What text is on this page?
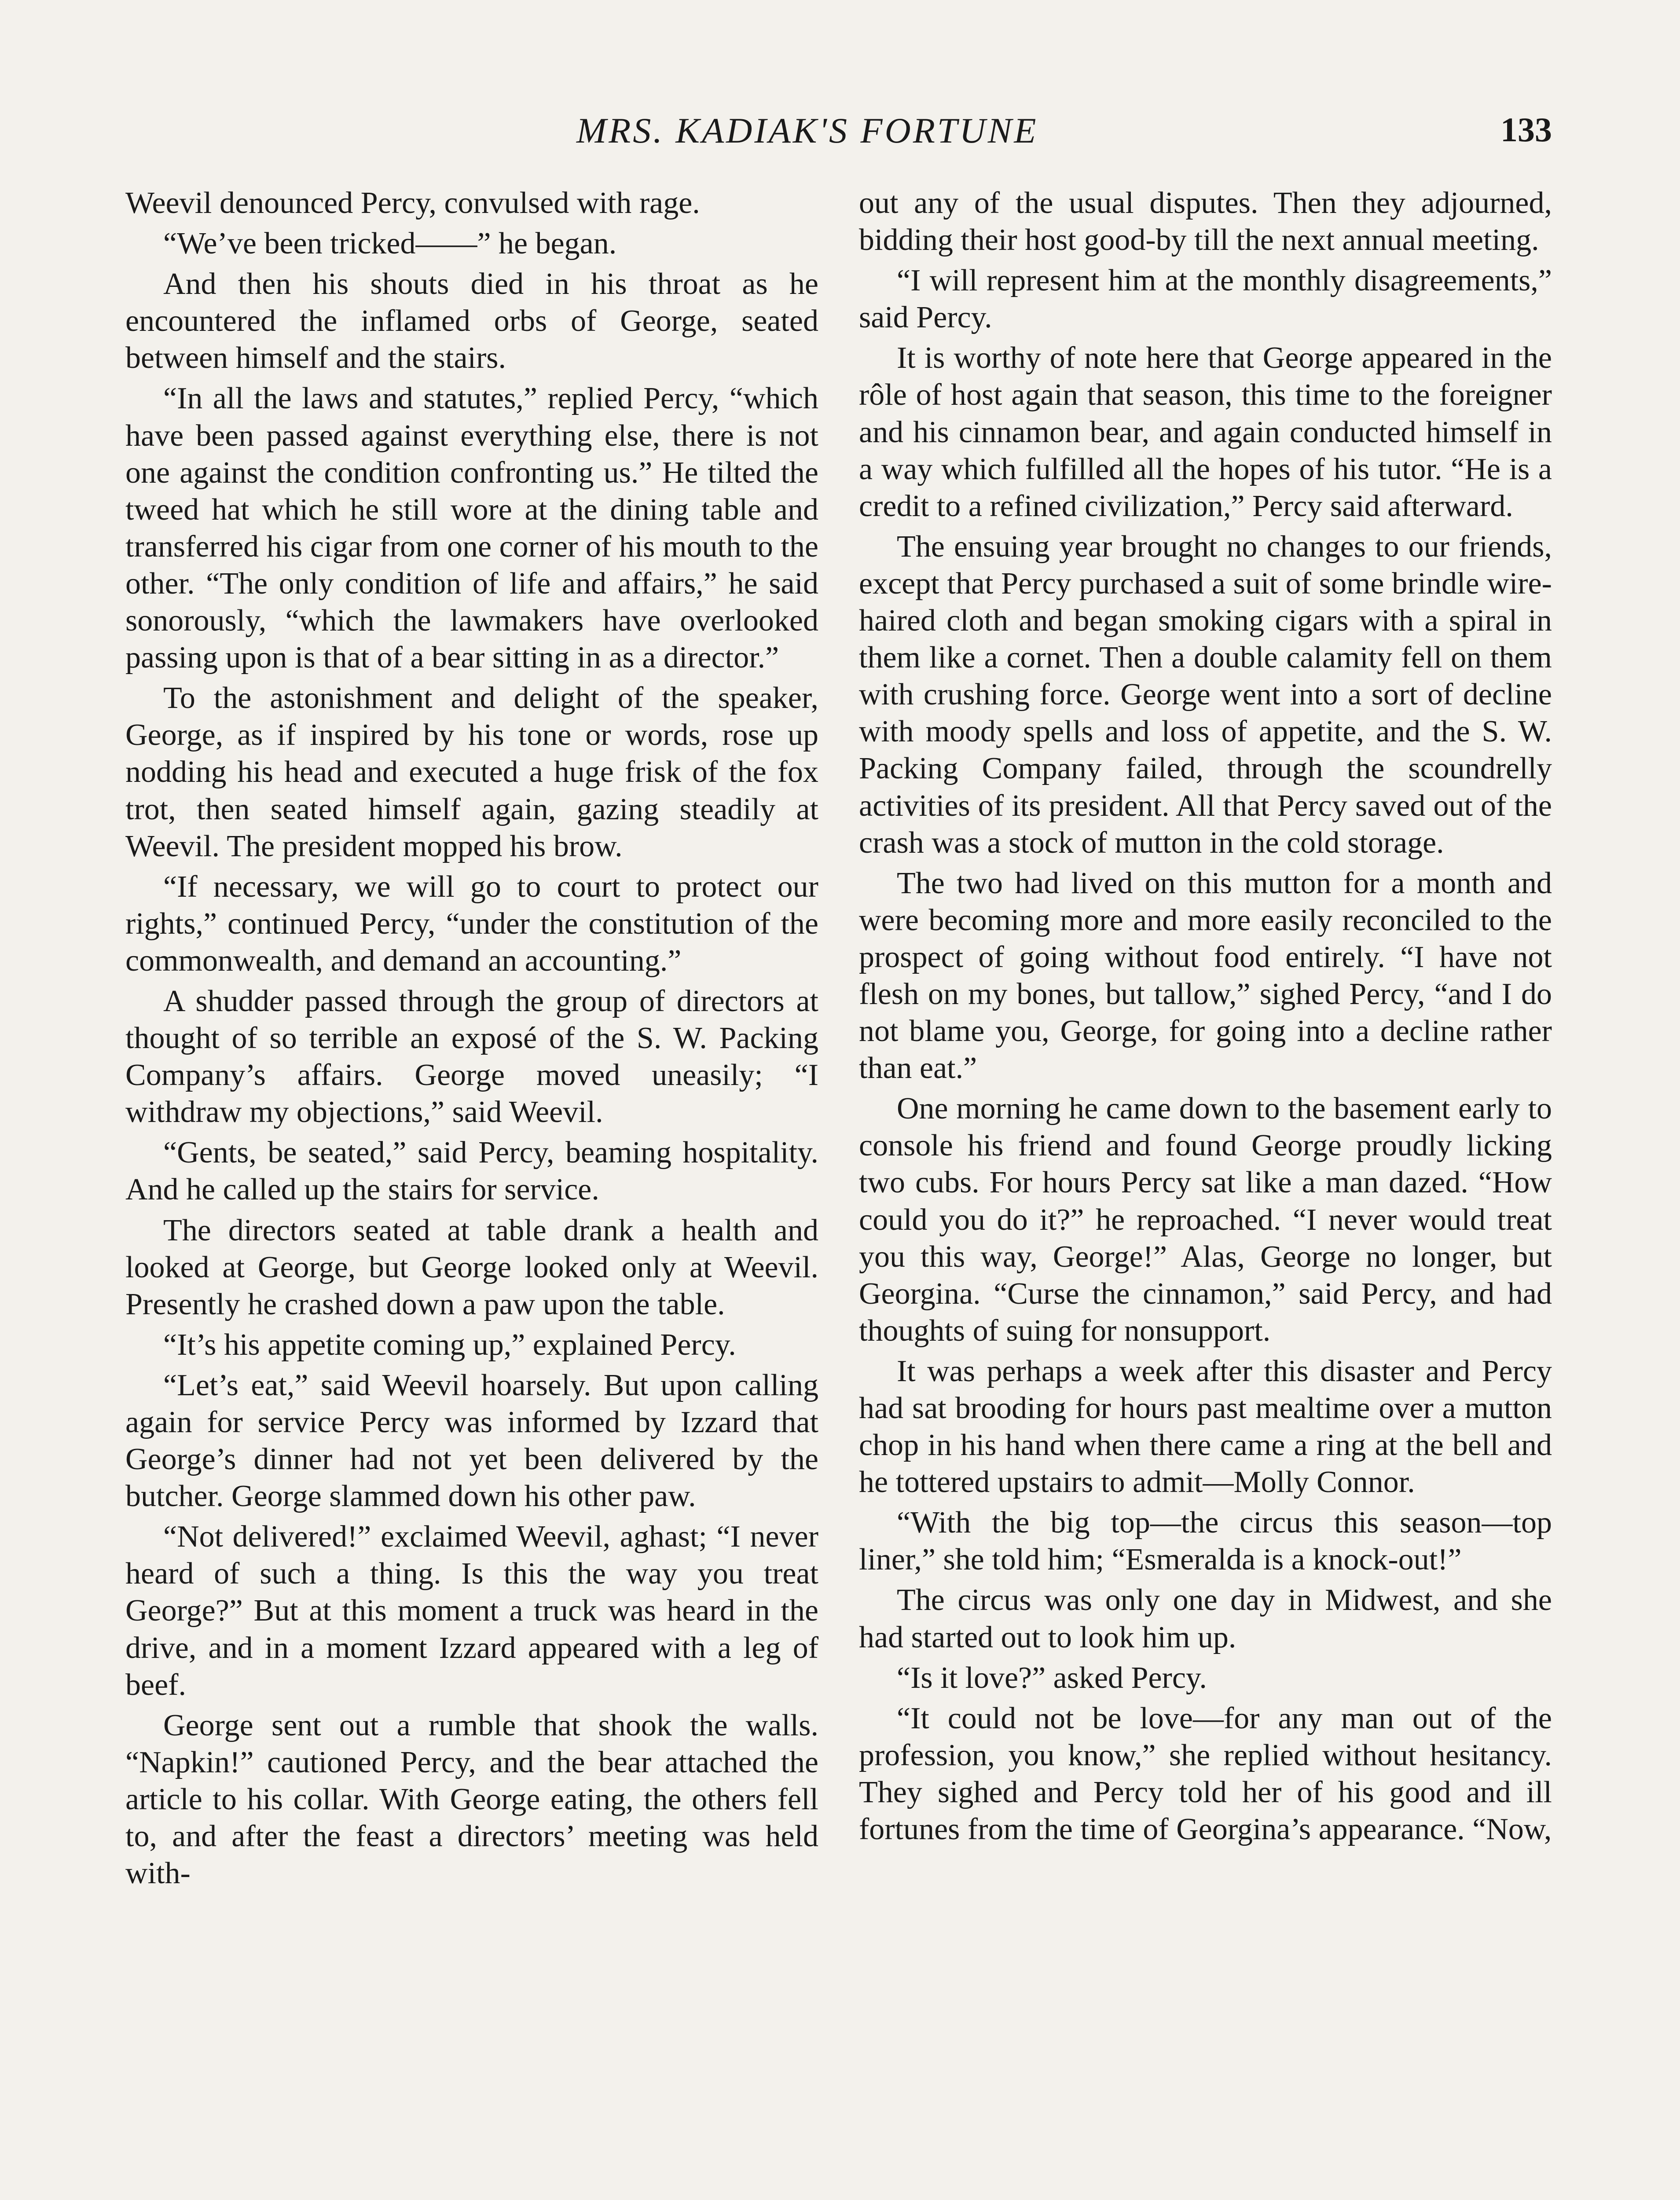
MRS. KADIAK'S FORTUNE	133

Weevil denounced Percy, convulsed with rage.

“We’ve been tricked——” he began.

And then his shouts died in his throat as he encountered the inflamed orbs of George, seated between himself and the stairs.

“In all the laws and statutes,” replied Percy, “which have been passed against everything else, there is not one against the condition confronting us.” He tilted the tweed hat which he still wore at the dining table and transferred his cigar from one corner of his mouth to the other. “The only condition of life and affairs,” he said sonorously, “which the lawmakers have overlooked passing upon is that of a bear sitting in as a director.”

To the astonishment and delight of the speaker, George, as if inspired by his tone or words, rose up nodding his head and executed a huge frisk of the fox trot, then seated himself again, gazing steadily at Weevil. The president mopped his brow.

“If necessary, we will go to court to protect our rights,” continued Percy, “under the constitution of the commonwealth, and demand an accounting.”

A shudder passed through the group of directors at thought of so terrible an exposé of the S. W. Packing Company’s affairs. George moved uneasily; “I withdraw my objections,” said Weevil.

“Gents, be seated,” said Percy, beaming hospitality. And he called up the stairs for service.

The directors seated at table drank a health and looked at George, but George looked only at Weevil. Presently he crashed down a paw upon the table.

“It’s his appetite coming up,” explained Percy.

“Let’s eat,” said Weevil hoarsely. But upon calling again for service Percy was informed by Izzard that George’s dinner had not yet been delivered by the butcher. George slammed down his other paw.

“Not delivered!” exclaimed Weevil, aghast; “I never heard of such a thing. Is this the way you treat George?” But at this moment a truck was heard in the drive, and in a moment Izzard appeared with a leg of beef.

George sent out a rumble that shook the walls. “Napkin!” cautioned Percy, and the bear attached the article to his collar. With George eating, the others fell to, and after the feast a directors’ meeting was held with-

out any of the usual disputes. Then they adjourned, bidding their host good-by till the next annual meeting.

“I will represent him at the monthly disagreements,” said Percy.

It is worthy of note here that George appeared in the rôle of host again that season, this time to the foreigner and his cinnamon bear, and again conducted himself in a way which fulfilled all the hopes of his tutor. “He is a credit to a refined civilization,” Percy said afterward.

The ensuing year brought no changes to our friends, except that Percy purchased a suit of some brindle wire-haired cloth and began smoking cigars with a spiral in them like a cornet. Then a double calamity fell on them with crushing force. George went into a sort of decline with moody spells and loss of appetite, and the S. W. Packing Company failed, through the scoundrelly activities of its president. All that Percy saved out of the crash was a stock of mutton in the cold storage.

The two had lived on this mutton for a month and were becoming more and more easily reconciled to the prospect of going without food entirely. “I have not flesh on my bones, but tallow,” sighed Percy, “and I do not blame you, George, for going into a decline rather than eat.”

One morning he came down to the basement early to console his friend and found George proudly licking two cubs. For hours Percy sat like a man dazed. “How could you do it?” he reproached. “I never would treat you this way, George!” Alas, George no longer, but Georgina. “Curse the cinnamon,” said Percy, and had thoughts of suing for nonsupport.

It was perhaps a week after this disaster and Percy had sat brooding for hours past mealtime over a mutton chop in his hand when there came a ring at the bell and he tottered upstairs to admit—Molly Connor.

“With the big top—the circus this season—top liner,” she told him; “Esmeralda is a knock-out!”

The circus was only one day in Midwest, and she had started out to look him up.

“Is it love?” asked Percy.

“It could not be love—for any man out of the profession, you know,” she replied without hesitancy. They sighed and Percy told her of his good and ill fortunes from the time of Georgina’s appearance. “Now,
